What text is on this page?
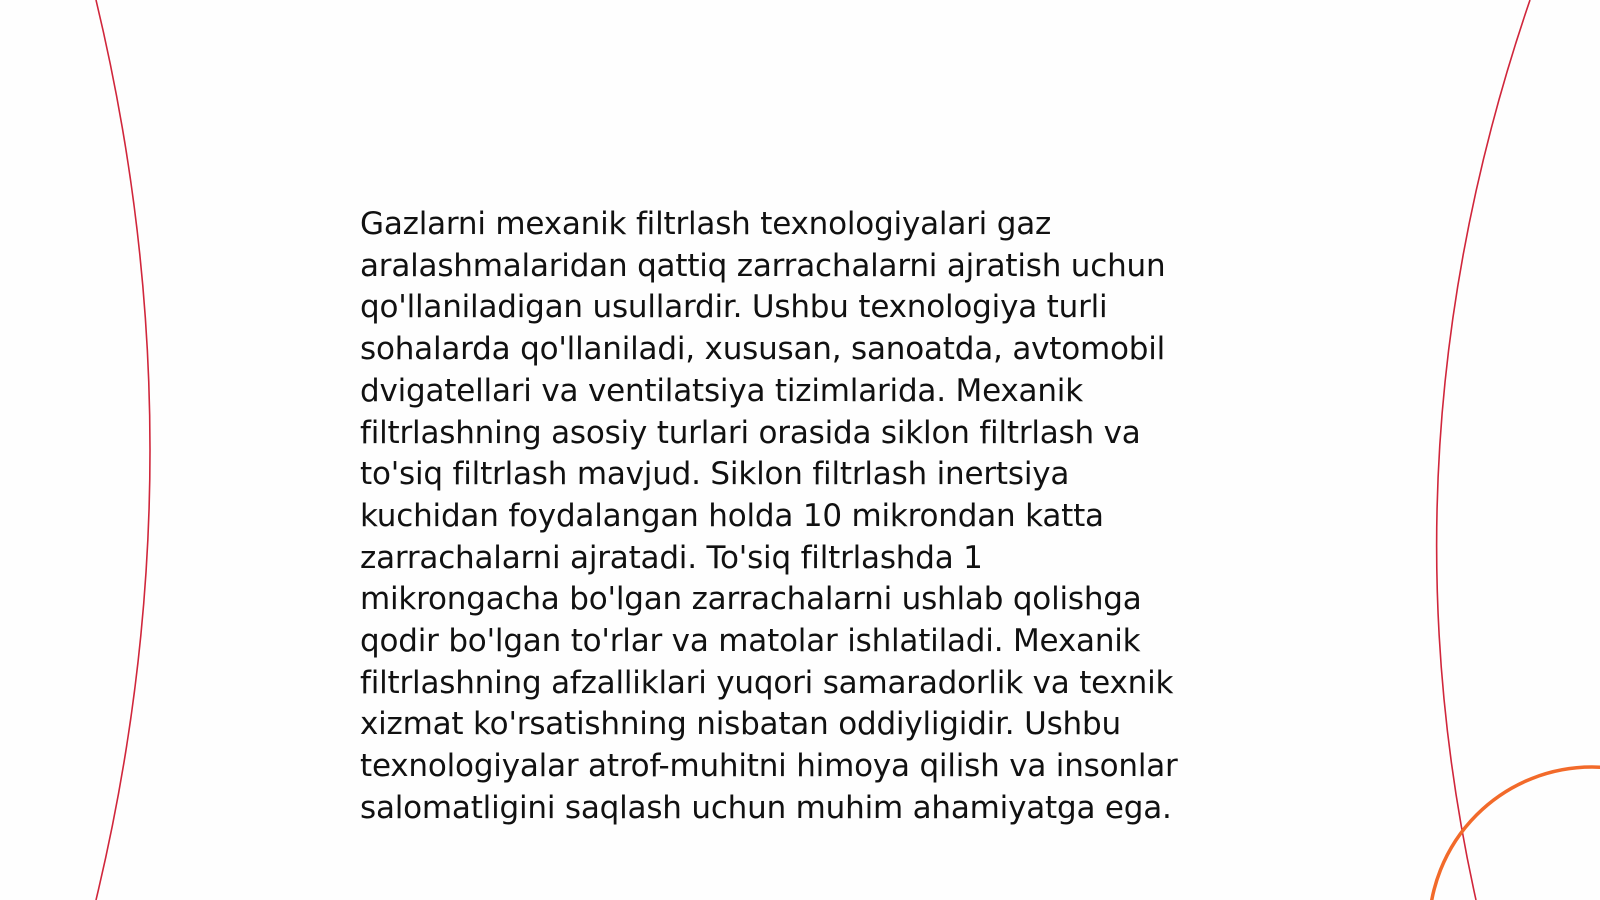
Gazlarni mexanik filtrlash texnologiyalari gaz
aralashmalaridan qattiq zarrachalarni ajratish uchun
qo'llaniladigan usullardir. Ushbu texnologiya turli
sohalarda qo'llaniladi, xususan, sanoatda, avtomobil
dvigatellari va ventilatsiya tizimlarida. Mexanik
filtrlashning asosiy turlari orasida siklon filtrlash va
to'siq filtrlash mavjud. Siklon filtrlash inertsiya
kuchidan foydalangan holda 10 mikrondan katta
zarrachalarni ajratadi. To'siq filtrlashda 1
mikrongacha bo'lgan zarrachalarni ushlab qolishga
qodir bo'lgan to'rlar va matolar ishlatiladi. Mexanik
filtrlashning afzalliklari yuqori samaradorlik va texnik
xizmat ko'rsatishning nisbatan oddiyligidir. Ushbu
texnologiyalar atrof-muhitni himoya qilish va insonlar
salomatligini saqlash uchun muhim ahamiyatga ega.
